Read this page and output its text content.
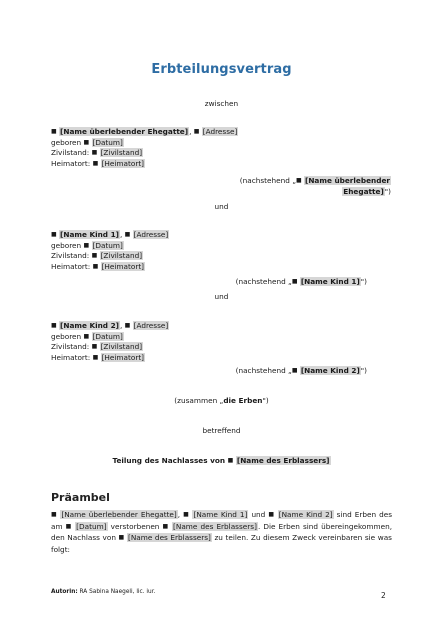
Erbteilungsvertrag
zwischen
■ [Name überlebender Ehegatte], ■ [Adresse]
geboren ■ [Datum]
Zivilstand: ■ [Zivilstand]
Heimatort: ■ [Heimatort]
(nachstehend „■ [Name überlebender
Ehegatte]")
und
■ [Name Kind 1], ■ [Adresse]
geboren ■ [Datum]
Zivilstand: ■ [Zivilstand]
Heimatort: ■ [Heimatort]
(nachstehend „■ [Name Kind 1]")
und
■ [Name Kind 2], ■ [Adresse]
geboren ■ [Datum]
Zivilstand: ■ [Zivilstand]
Heimatort: ■ [Heimatort]
(nachstehend „■ [Name Kind 2]")
(zusammen „die Erben")
betreffend
Teilung des Nachlasses von ■ [Name des Erblassers]
Präambel
■ [Name überlebender Ehegatte], ■ [Name Kind 1] und ■ [Name Kind 2] sind Erben des am ■ [Datum] verstorbenen ■ [Name des Erblassers]. Die Erben sind übereingekommen, den Nachlass von ■ [Name des Erblassers] zu teilen. Zu diesem Zweck vereinbaren sie was folgt:
Autorin: RA Sabina Naegeli, lic. iur.	2
